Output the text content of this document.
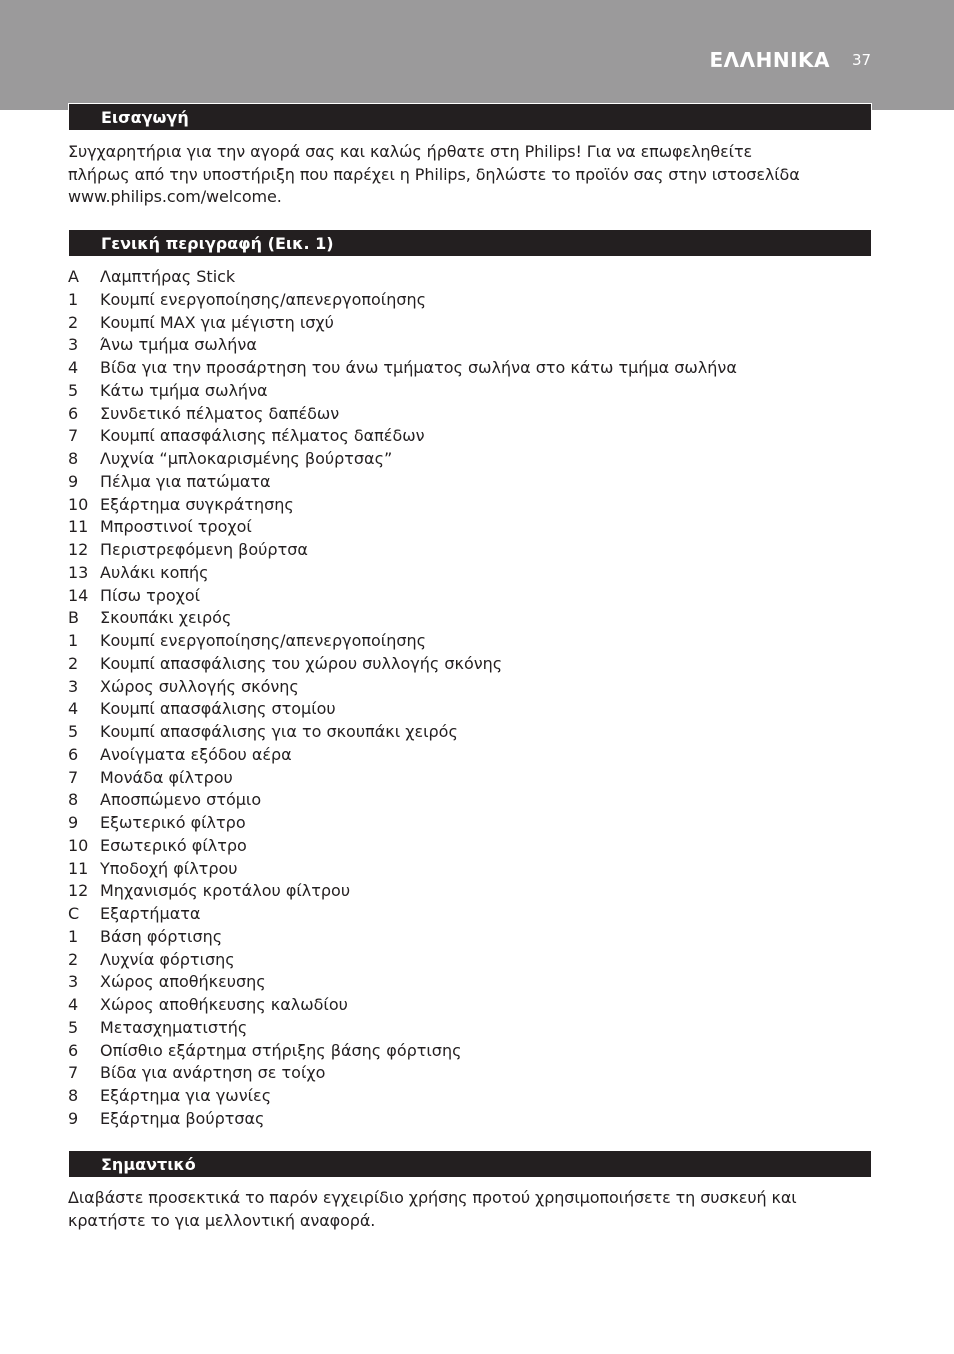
ΕΛΛΗΝΙΚΑ 37
Εισαγωγή
Συγχαρητήρια για την αγορά σας και καλώς ήρθατε στη Philips! Για να επωφεληθείτε
πλήρως από την υποστήριξη που παρέχει η Philips, δηλώστε το προϊόν σας στην ιστοσελίδα
www.philips.com/welcome.
Γενική περιγραφή (Εικ. 1)
A	Λαμπτήρας Stick
1	Κουμπί ενεργοποίησης/απενεργοποίησης
2	Κουμπί MAX για μέγιστη ισχύ
3	Άνω τμήμα σωλήνα
4	Βίδα για την προσάρτηση του άνω τμήματος σωλήνα στο κάτω τμήμα σωλήνα
5	Κάτω τμήμα σωλήνα
6	Συνδετικό πέλματος δαπέδων
7	Κουμπί απασφάλισης πέλματος δαπέδων
8	Λυχνία “μπλοκαρισμένης βούρτσας”
9	Πέλμα για πατώματα
10 Εξάρτημα συγκράτησης
11 Μπροστινοί τροχοί
12 Περιστρεφόμενη βούρτσα
13 Αυλάκι κοπής
14 Πίσω τροχοί
B	Σκουπάκι χειρός
1	Κουμπί ενεργοποίησης/απενεργοποίησης
2	Κουμπί απασφάλισης του χώρου συλλογής σκόνης
3	Χώρος συλλογής σκόνης
4	Κουμπί απασφάλισης στομίου
5	Κουμπί απασφάλισης για το σκουπάκι χειρός
6	Ανοίγματα εξόδου αέρα
7	Μονάδα φίλτρου
8	Αποσπώμενο στόμιο
9	Εξωτερικό φίλτρο
10 Εσωτερικό φίλτρο
11 Υποδοχή φίλτρου
12 Μηχανισμός κροτάλου φίλτρου
C	Εξαρτήματα
1	Βάση φόρτισης
2	Λυχνία φόρτισης
3	Χώρος αποθήκευσης
4	Χώρος αποθήκευσης καλωδίου
5	Μετασχηματιστής
6	Οπίσθιο εξάρτημα στήριξης βάσης φόρτισης
7	Βίδα για ανάρτηση σε τοίχο
8	Εξάρτημα για γωνίες
9	Εξάρτημα βούρτσας
Σημαντικό
Διαβάστε προσεκτικά το παρόν εγχειρίδιο χρήσης προτού χρησιμοποιήσετε τη συσκευή και
κρατήστε το για μελλοντική αναφορά.
